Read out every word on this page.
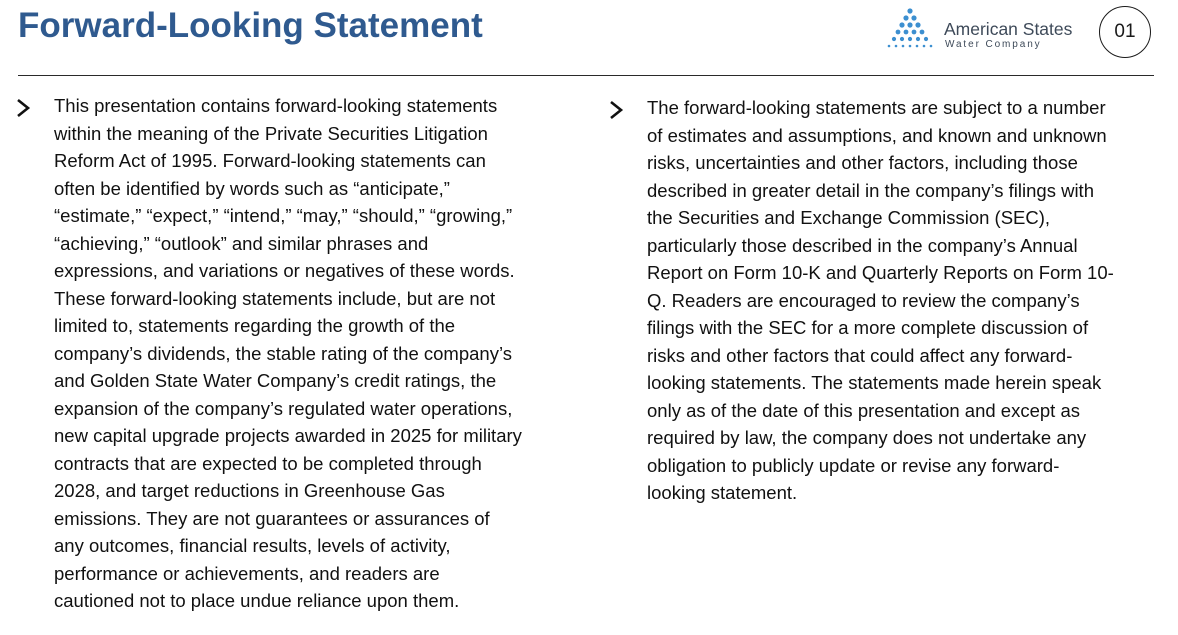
Forward-Looking Statement	American States
Water Company
01

This presentation contains forward-looking statements
within the meaning of the Private Securities Litigation
Reform Act of 1995. Forward-looking statements can
often be identified by words such as “anticipate,”
“estimate,” “expect,” “intend,” “may,” “should,” “growing,”
“achieving,” “outlook” and similar phrases and
expressions, and variations or negatives of these words.
These forward-looking statements include, but are not
limited to, statements regarding the growth of the
company’s dividends, the stable rating of the company’s
and Golden State Water Company’s credit ratings, the
expansion of the company’s regulated water operations,
new capital upgrade projects awarded in 2025 for military
contracts that are expected to be completed through
2028, and target reductions in Greenhouse Gas
emissions. They are not guarantees or assurances of
any outcomes, financial results, levels of activity,
performance or achievements, and readers are
cautioned not to place undue reliance upon them.

The forward-looking statements are subject to a number
of estimates and assumptions, and known and unknown
risks, uncertainties and other factors, including those
described in greater detail in the company’s filings with
the Securities and Exchange Commission (SEC),
particularly those described in the company’s Annual
Report on Form 10-K and Quarterly Reports on Form 10-
Q. Readers are encouraged to review the company’s
filings with the SEC for a more complete discussion of
risks and other factors that could affect any forward-
looking statements. The statements made herein speak
only as of the date of this presentation and except as
required by law, the company does not undertake any
obligation to publicly update or revise any forward-
looking statement.
